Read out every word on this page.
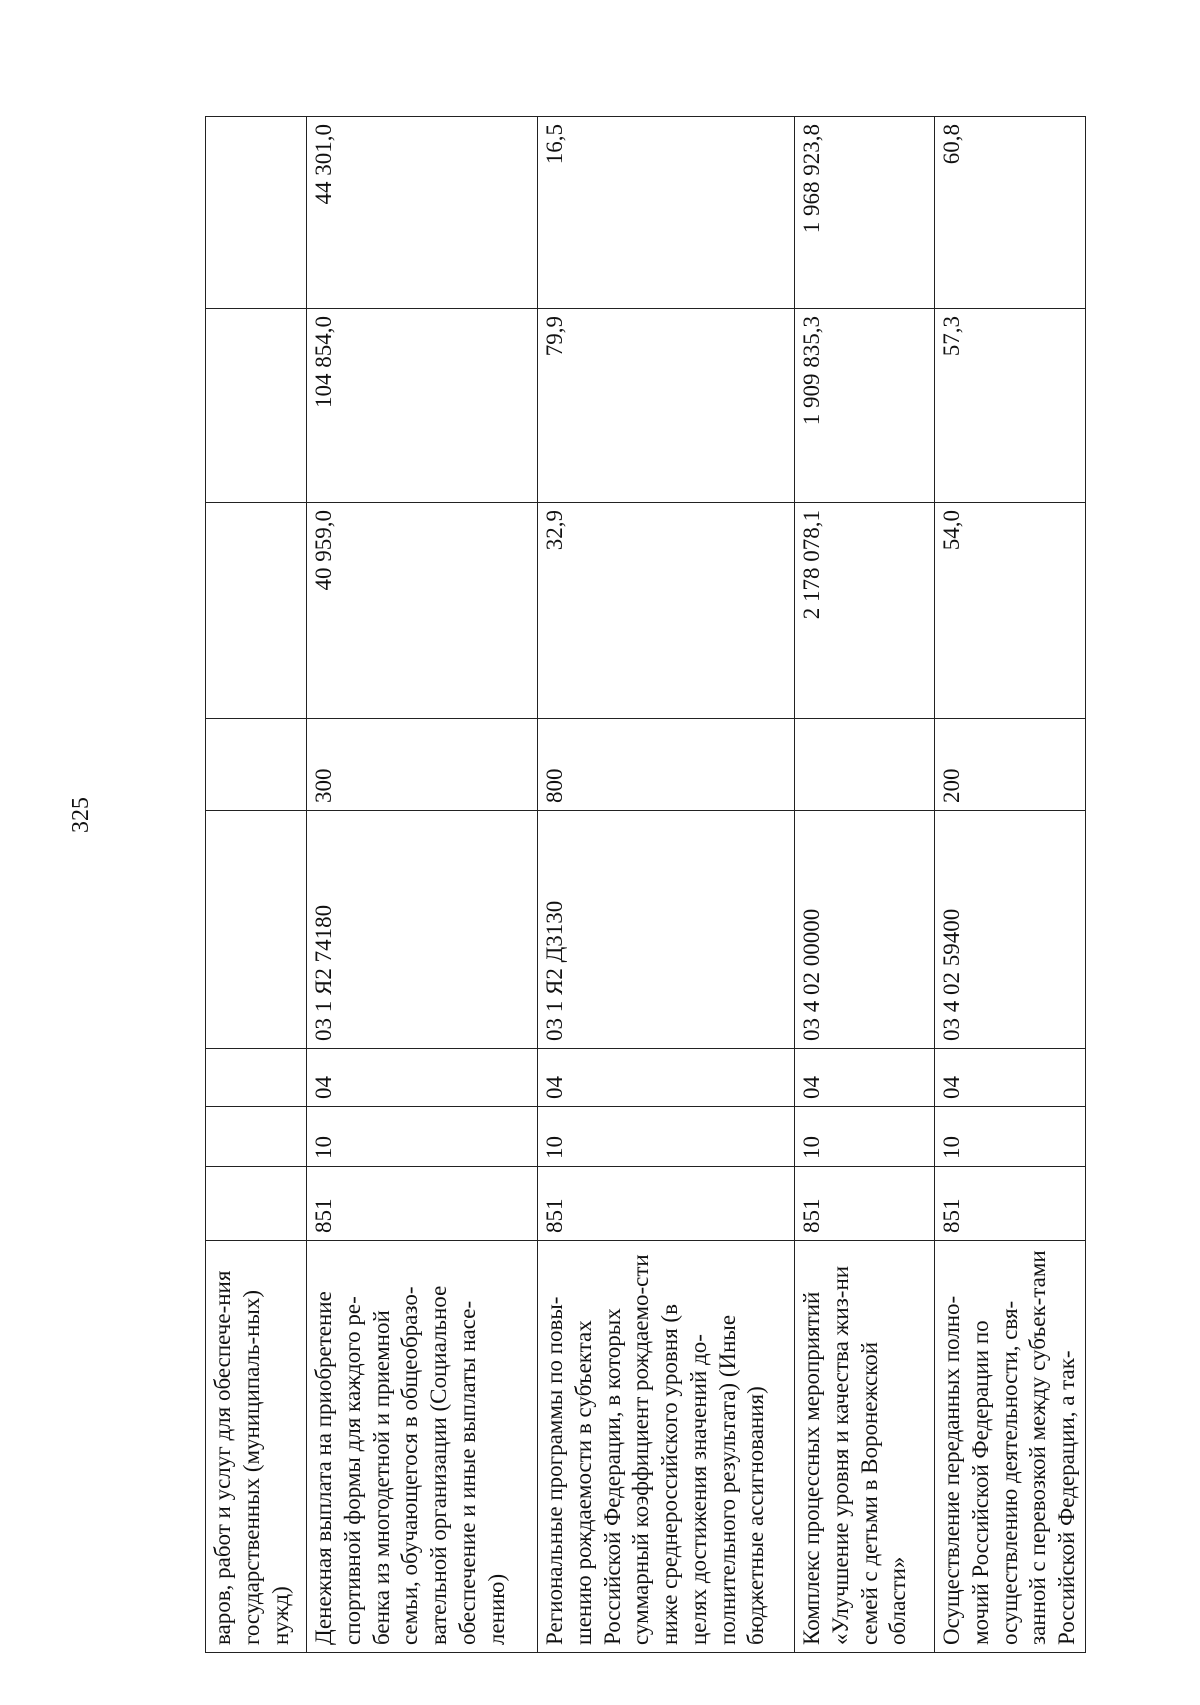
325
варов, работ и услуг для обеспече-ния государственных (муниципаль-ных) нужд)								

Денежная выплата на приобретение спортивной формы для каждого ре-бенка из многодетной и приемной семьи, обучающегося в общеобразо-вательной организации (Социальное обеспечение и иные выплаты насе-лению)	851	10	04	03 1 Я2 74180	300	40 959,0	104 854,0	44 301,0

Региональные программы по повы-шению рождаемости в субъектах Российской Федерации, в которых суммарный коэффициент рождаемо-сти ниже среднероссийского уровня (в целях достижения значений до-полнительного результата) (Иные бюджетные ассигнования)	851	10	04	03 1 Я2 Д3130	800	32,9	79,9	16,5

Комплекс процессных мероприятий «Улучшение уровня и качества жиз-ни семей с детьми в Воронежской области»	851	10	04	03 4 02 00000		2 178 078,1	1 909 835,3	1 968 923,8

Осуществление переданных полно-мочий Российской Федерации по осуществлению деятельности, свя-занной с перевозкой между субъек-тами Российской Федерации, а так-	851	10	04	03 4 02 59400	200	54,0	57,3	60,8
